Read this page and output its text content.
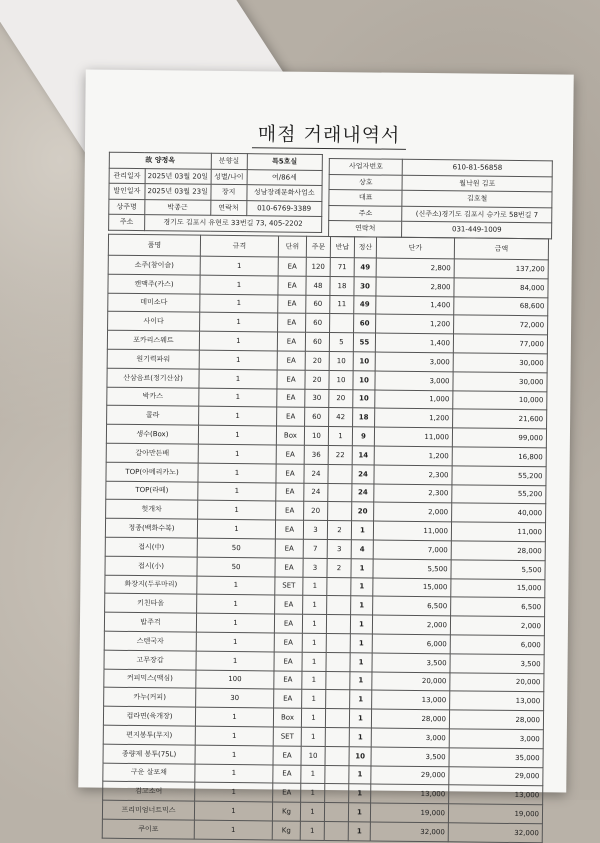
매점 거래내역서
故 양정옥		분향실	특5호실
관리일자	2025년 03월 20일	성별/나이	여/86세
발인일자	2025년 03월 23일	장지	성남장례문화사업소
상주명	박종근	연락처	010-6769-3389
주소	경기도 김포시 유현로 33번길 73, 405-2202		
사업자번호	610-81-56858
상호	월낙원 김포
대표	김호철
주소	(신주소)경기도 김포시 승가로 58번길 7
연락처	031-449-1009
품명	규격	단위	주문	반납	정산	단가	금액
소주(참이슬)	1	EA	120	71	49	2,800	137,200
캔맥주(카스)	1	EA	48	18	30	2,800	84,000
데미소다	1	EA	60	11	49	1,400	68,600
사이다	1	EA	60		60	1,200	72,000
포카리스웨트	1	EA	60	5	55	1,400	77,000
원기력파워	1	EA	20	10	10	3,000	30,000
산삼음료(정기산삼)	1	EA	20	10	10	3,000	30,000
박카스	1	EA	30	20	10	1,000	10,000
콜라	1	EA	60	42	18	1,200	21,600
생수(Box)	1	Box	10	1	9	11,000	99,000
갈아만든배	1	EA	36	22	14	1,200	16,800
TOP(아메리카노)	1	EA	24		24	2,300	55,200
TOP(라떼)	1	EA	24		24	2,300	55,200
헛개차	1	EA	20		20	2,000	40,000
정종(백화수복)	1	EA	3	2	1	11,000	11,000
접시(中)	50	EA	7	3	4	7,000	28,000
접시(小)	50	EA	3	2	1	5,500	5,500
화장지(두루마리)	1	SET	1		1	15,000	15,000
키친타올	1	EA	1		1	6,500	6,500
밥주걱	1	EA	1		1	2,000	2,000
스텐국자	1	EA	1		1	6,000	6,000
고무장갑	1	EA	1		1	3,500	3,500
커피믹스(맥심)	100	EA	1		1	20,000	20,000
카누(커피)	30	EA	1		1	13,000	13,000
컵라면(육개장)	1	Box	1		1	28,000	28,000
편지봉투(무지)	1	SET	1		1	3,000	3,000
종량제 봉투(75L)	1	EA	10		10	3,500	35,000
구운 살포채	1	EA	1		1	29,000	29,000
김고소어	1	EA	1		1	13,000	13,000
프리미엄너트믹스	1	Kg	1		1	19,000	19,000
쿠이포	1	Kg	1		1	32,000	32,000
